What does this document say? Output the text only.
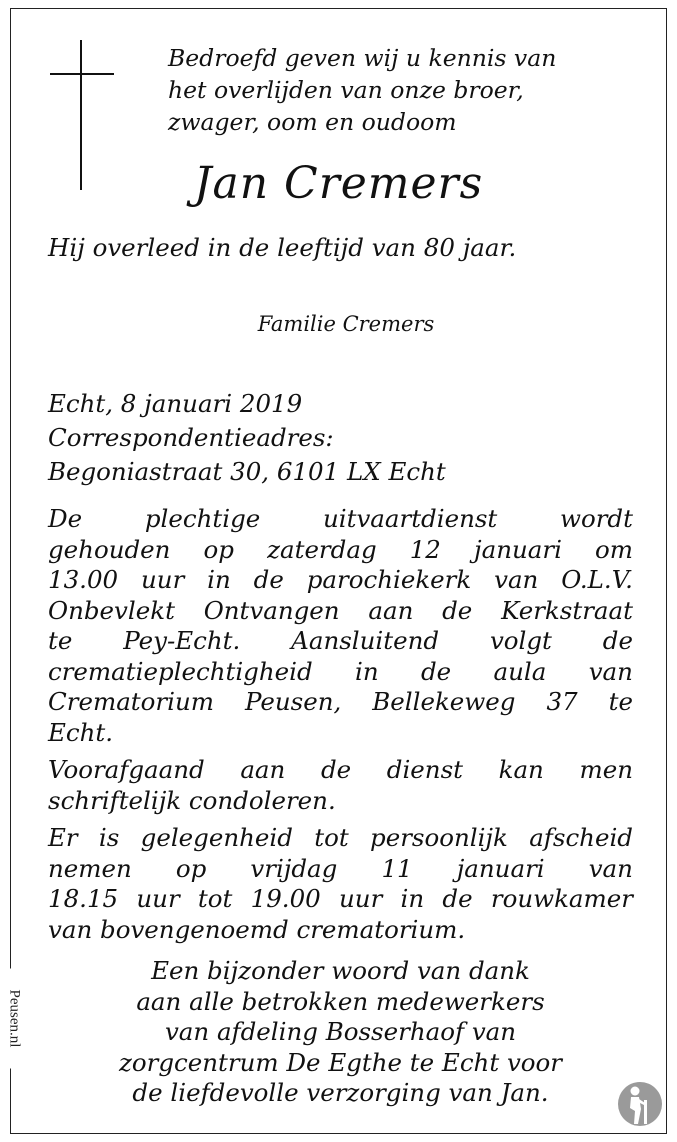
Bedroefd geven wij u kennis van
het overlijden van onze broer,
zwager, oom en oudoom
Jan Cremers
Hij overleed in de leeftijd van 80 jaar.
Familie Cremers
Echt, 8 januari 2019
Correspondentieadres:
Begoniastraat 30, 6101 LX Echt
De	plechtige	uitvaartdienst	wordt
gehouden op zaterdag 12 januari om
13.00 uur in de parochiekerk van O.L.V.
Onbevlekt Ontvangen aan de Kerkstraat
te Pey-Echt. Aansluitend volgt de
crematieplechtigheid in de aula van
Crematorium Peusen, Bellekeweg 37 te
Echt.
Voorafgaand aan de dienst kan men
schriftelijk condoleren.
Er is gelegenheid tot persoonlijk afscheid
nemen op vrijdag 11 januari van
18.15 uur tot 19.00 uur in de rouwkamer
van bovengenoemd crematorium.
Een bijzonder woord van dank
aan alle betrokken medewerkers
van afdeling Bosserhaof van
zorgcentrum De Egthe te Echt voor
de liefdevolle verzorging van Jan.
Peusen.nl
